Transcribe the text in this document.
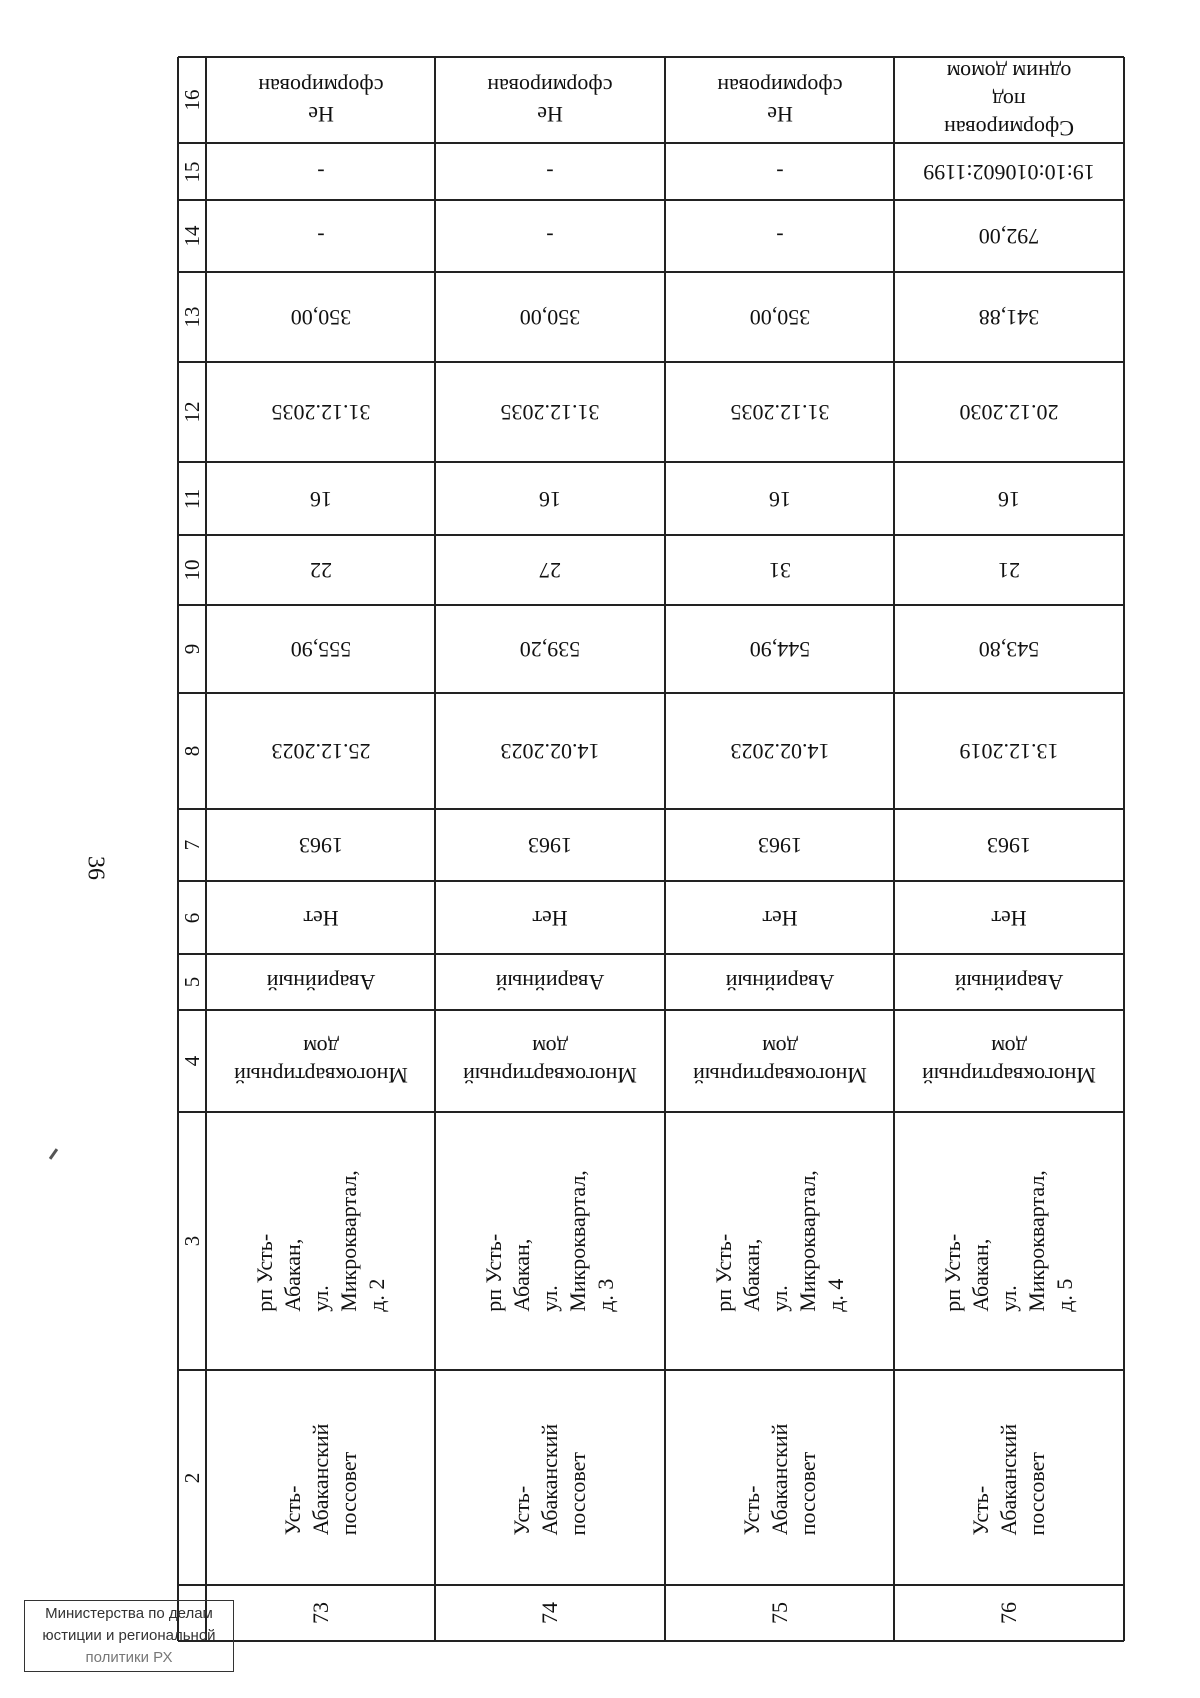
36
16
15
14
13
12
11
10
9
8
7
6
5
4
3
2
Не сформирован
-
-
350,00
31.12.2035
16
22
555,90
25.12.2023
1963
Нет
Аварийный
Многоквартирный
дом
рп Усть-Абакан,
ул. Микроквартал, д. 2
Усть-Абаканский
поссовет
73
Не сформирован
-
-
350,00
31.12.2035
16
27
539,20
14.02.2023
1963
Нет
Аварийный
Многоквартирный
дом
рп Усть-Абакан,
ул. Микроквартал, д. 3
Усть-Абаканский
поссовет
74
Не сформирован
-
-
350,00
31.12.2035
16
31
544,90
14.02.2023
1963
Нет
Аварийный
Многоквартирный
дом
рп Усть-Абакан,
ул. Микроквартал, д. 4
Усть-Абаканский
поссовет
75
Сформирован под
одним домом
19:10:010602:1199
792,00
341,88
20.12.2030
16
21
543,80
13.12.2019
1963
Нет
Аварийный
Многоквартирный
дом
рп Усть-Абакан,
ул. Микроквартал, д. 5
Усть-Абаканский
поссовет
76
Министерства по делам
юстиции и региональной
политики РХ
